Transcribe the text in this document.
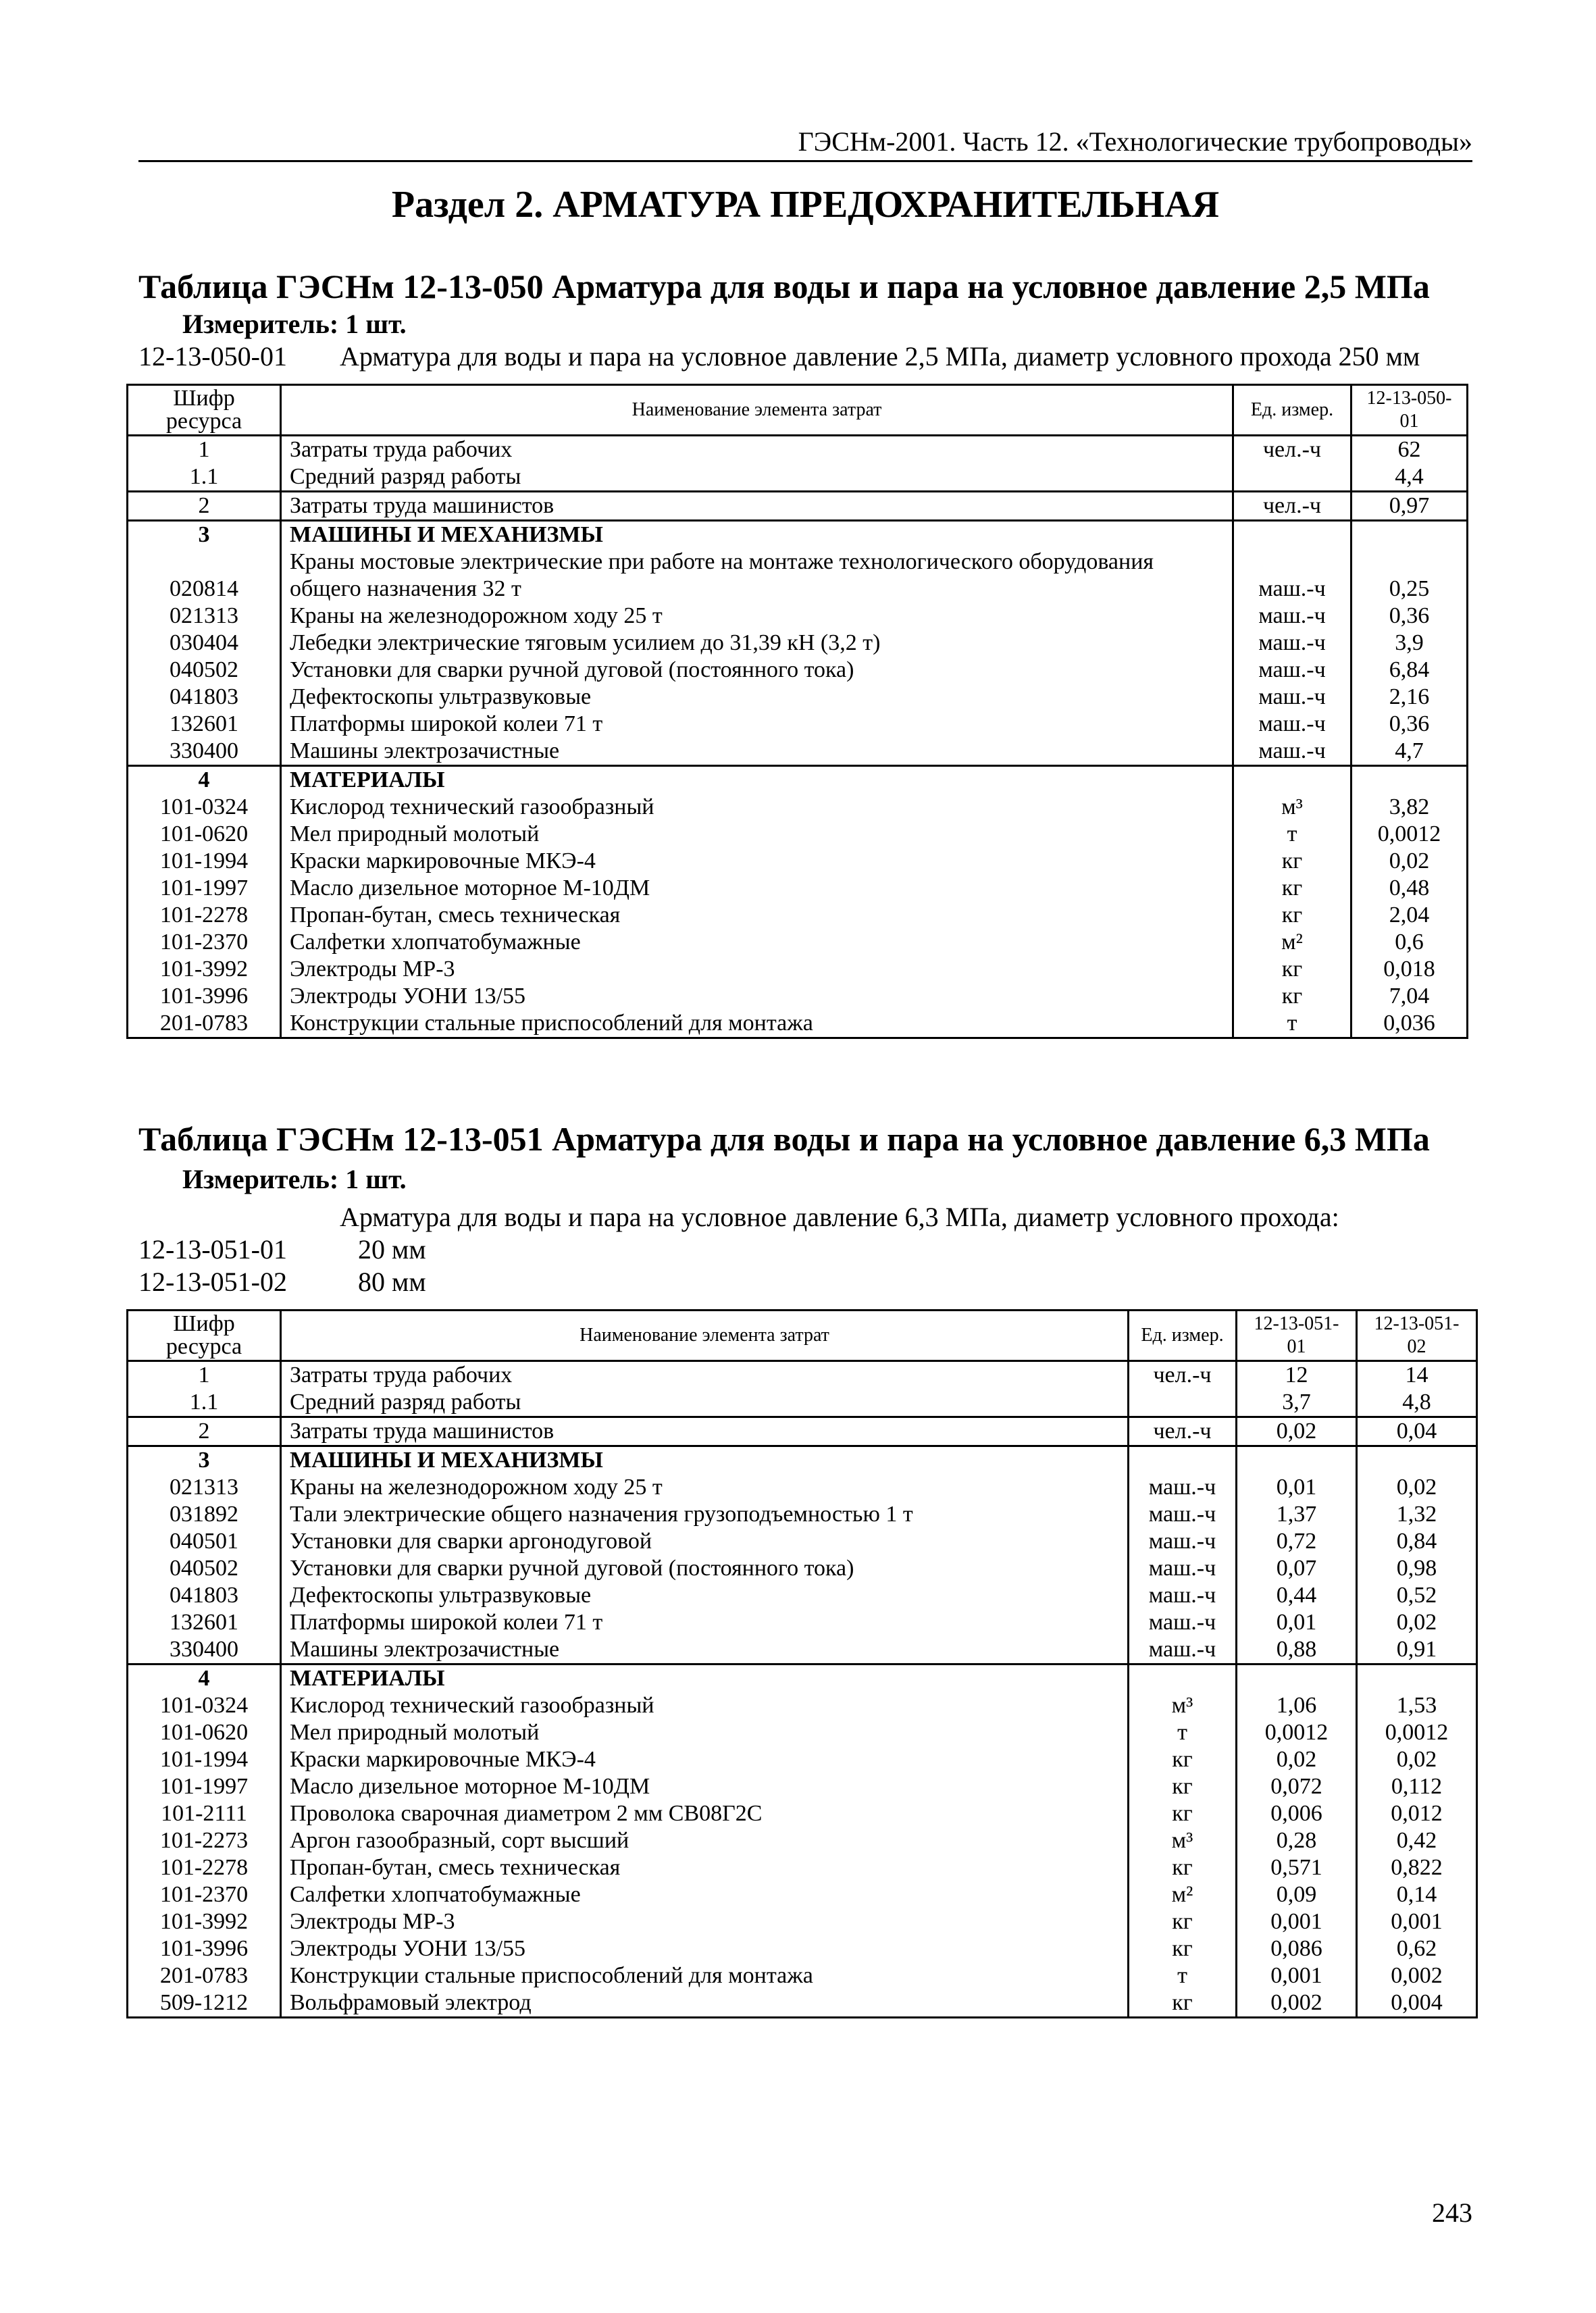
ГЭСНм-2001. Часть 12. «Технологические трубопроводы»
Раздел 2. АРМАТУРА ПРЕДОХРАНИТЕЛЬНАЯ
Таблица ГЭСНм 12-13-050 Арматура для воды и пара на условное давление 2,5 МПа
Измеритель: 1 шт.
12-13-050-01 Арматура для воды и пара на условное давление 2,5 МПа, диаметр условного прохода 250 мм
Шифр ресурса	Наименование элемента затрат	Ед. измер.	12-13-050-01
1	Затраты труда рабочих	чел.-ч	62
1.1	Средний разряд работы		4,4
2	Затраты труда машинистов	чел.-ч	0,97
3	МАШИНЫ И МЕХАНИЗМЫ		
020814	Краны мостовые электрические при работе на монтаже технологического оборудования общего назначения 32 т	маш.-ч	0,25
021313	Краны на железнодорожном ходу 25 т	маш.-ч	0,36
030404	Лебедки электрические тяговым усилием до 31,39 кН (3,2 т)	маш.-ч	3,9
040502	Установки для сварки ручной дуговой (постоянного тока)	маш.-ч	6,84
041803	Дефектоскопы ультразвуковые	маш.-ч	2,16
132601	Платформы широкой колеи 71 т	маш.-ч	0,36
330400	Машины электрозачистные	маш.-ч	4,7
4	МАТЕРИАЛЫ		
101-0324	Кислород технический газообразный	м³	3,82
101-0620	Мел природный молотый	т	0,0012
101-1994	Краски маркировочные МКЭ-4	кг	0,02
101-1997	Масло дизельное моторное М-10ДМ	кг	0,48
101-2278	Пропан-бутан, смесь техническая	кг	2,04
101-2370	Салфетки хлопчатобумажные	м²	0,6
101-3992	Электроды МР-3	кг	0,018
101-3996	Электроды УОНИ 13/55	кг	7,04
201-0783	Конструкции стальные приспособлений для монтажа	т	0,036
Таблица ГЭСНм 12-13-051 Арматура для воды и пара на условное давление 6,3 МПа
Измеритель: 1 шт.
Арматура для воды и пара на условное давление 6,3 МПа, диаметр условного прохода:
12-13-051-01	20 мм
12-13-051-02	80 мм
Шифр ресурса	Наименование элемента затрат	Ед. измер.	12-13-051-01	12-13-051-02
1	Затраты труда рабочих	чел.-ч	12	14
1.1	Средний разряд работы		3,7	4,8
2	Затраты труда машинистов	чел.-ч	0,02	0,04
3	МАШИНЫ И МЕХАНИЗМЫ			
021313	Краны на железнодорожном ходу 25 т	маш.-ч	0,01	0,02
031892	Тали электрические общего назначения грузоподъемностью 1 т	маш.-ч	1,37	1,32
040501	Установки для сварки аргонодуговой	маш.-ч	0,72	0,84
040502	Установки для сварки ручной дуговой (постоянного тока)	маш.-ч	0,07	0,98
041803	Дефектоскопы ультразвуковые	маш.-ч	0,44	0,52
132601	Платформы широкой колеи 71 т	маш.-ч	0,01	0,02
330400	Машины электрозачистные	маш.-ч	0,88	0,91
4	МАТЕРИАЛЫ			
101-0324	Кислород технический газообразный	м³	1,06	1,53
101-0620	Мел природный молотый	т	0,0012	0,0012
101-1994	Краски маркировочные МКЭ-4	кг	0,02	0,02
101-1997	Масло дизельное моторное М-10ДМ	кг	0,072	0,112
101-2111	Проволока сварочная диаметром 2 мм СВ08Г2С	кг	0,006	0,012
101-2273	Аргон газообразный, сорт высший	м³	0,28	0,42
101-2278	Пропан-бутан, смесь техническая	кг	0,571	0,822
101-2370	Салфетки хлопчатобумажные	м²	0,09	0,14
101-3992	Электроды МР-3	кг	0,001	0,001
101-3996	Электроды УОНИ 13/55	кг	0,086	0,62
201-0783	Конструкции стальные приспособлений для монтажа	т	0,001	0,002
509-1212	Вольфрамовый электрод	кг	0,002	0,004
243
